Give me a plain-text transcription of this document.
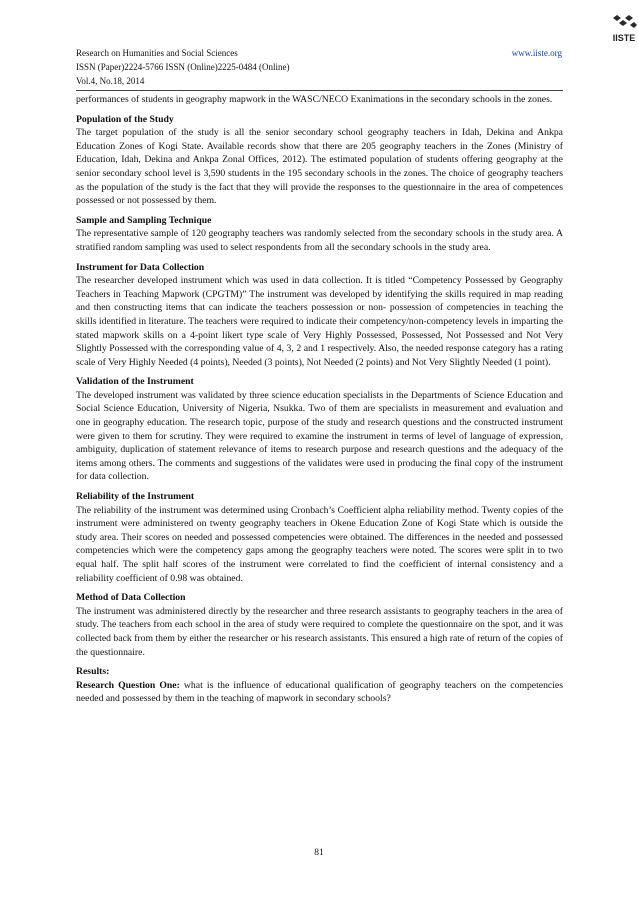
Research on Humanities and Social Sciences
ISSN (Paper)2224-5766 ISSN (Online)2225-0484 (Online)
Vol.4, No.18, 2014
www.iiste.org
IISTE

performances of students in geography mapwork in the WASC/NECO Exanimations in the secondary schools in the zones.

Population of the Study

The target population of the study is all the senior secondary school geography teachers in Idah, Dekina and Ankpa Education Zones of Kogi State. Available records show that there are 205 geography teachers in the Zones (Ministry of Education, Idah, Dekina and Ankpa Zonal Offices, 2012). The estimated population of students offering geography at the senior secondary school level is 3,590 students in the 195 secondary schools in the zones. The choice of geography teachers as the population of the study is the fact that they will provide the responses to the questionnaire in the area of competences possessed or not possessed by them.

Sample and Sampling Technique

The representative sample of 120 geography teachers was randomly selected from the secondary schools in the study area. A stratified random sampling was used to select respondents from all the secondary schools in the study area.

Instrument for Data Collection

The researcher developed instrument which was used in data collection. It is titled “Competency Possessed by Geography Teachers in Teaching Mapwork (CPGTM)” The instrument was developed by identifying the skills required in map reading and then constructing items that can indicate the teachers possession or non- possession of competencies in teaching the skills identified in literature. The teachers were required to indicate their competency/non-competency levels in imparting the stated mapwork skills on a 4-point likert type scale of Very Highly Possessed, Possessed, Not Possessed and Not Very Slightly Possessed with the corresponding value of 4, 3, 2 and 1 respectively. Also, the needed response category has a rating scale of Very Highly Needed (4 points), Needed (3 points), Not Needed (2 points) and Not Very Slightly Needed (1 point).

Validation of the Instrument

The developed instrument was validated by three science education specialists in the Departments of Science Education and Social Science Education, University of Nigeria, Nsukka. Two of them are specialists in measurement and evaluation and one in geography education. The research topic, purpose of the study and research questions and the constructed instrument were given to them for scrutiny. They were required to examine the instrument in terms of level of language of expression, ambiguity, duplication of statement relevance of items to research purpose and research questions and the adequacy of the items among others. The comments and suggestions of the validates were used in producing the final copy of the instrument for data collection.

Reliability of the Instrument

The reliability of the instrument was determined using Cronbach’s Coefficient alpha reliability method. Twenty copies of the instrument were administered on twenty geography teachers in Okene Education Zone of Kogi State which is outside the study area. Their scores on needed and possessed competencies were obtained. The differences in the needed and possessed competencies which were the competency gaps among the geography teachers were noted. The scores were split in to two equal half. The split half scores of the instrument were correlated to find the coefficient of internal consistency and a reliability coefficient of 0.98 was obtained.

Method of Data Collection

The instrument was administered directly by the researcher and three research assistants to geography teachers in the area of study. The teachers from each school in the area of study were required to complete the questionnaire on the spot, and it was collected back from them by either the researcher or his research assistants. This ensured a high rate of return of the copies of the questionnaire.

Results:

Research Question One: what is the influence of educational qualification of geography teachers on the competencies needed and possessed by them in the teaching of mapwork in secondary schools?

81
